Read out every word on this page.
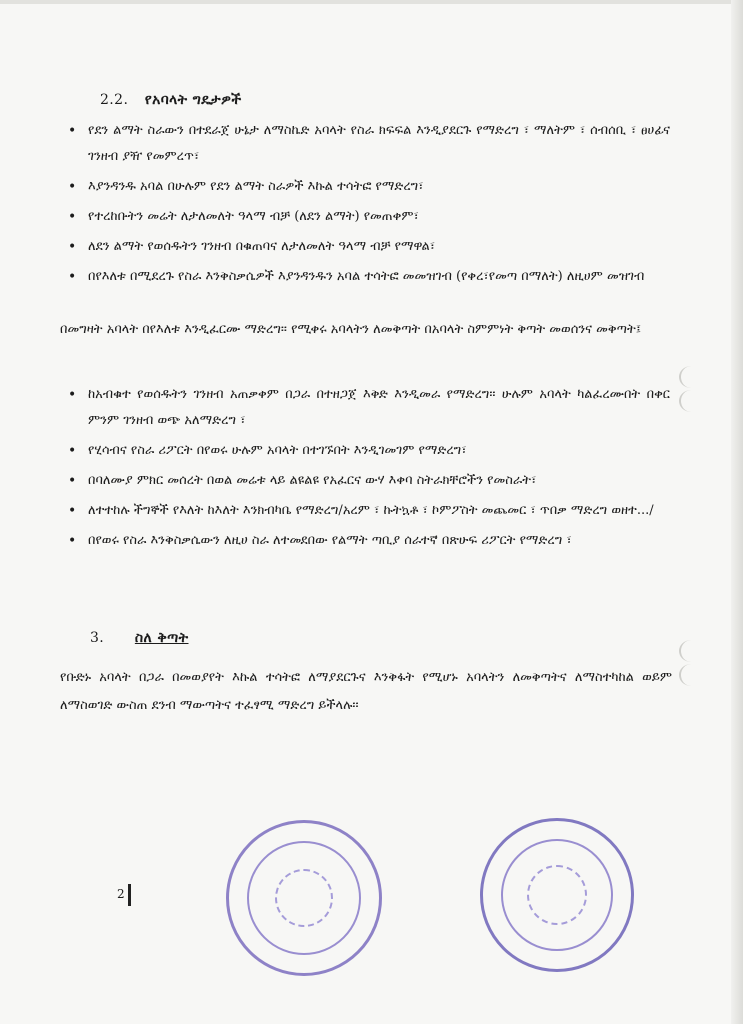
2.2. የአባላት ግዴታዎች
• የደን ልማት ስራውን በተደራጀ ሁኔታ ለማስኬድ አባላት የስራ ክፍፍል እንዲያደርጉ የማድረግ ፣ ማለትም ፣ ሰብሰቢ ፣ ፀሀፊና ገንዘብ ያዥ የመምረጥ፣
• እያንዳንዱ አባል በሁሉም የደን ልማት ስራዎች እኩል ተሳትፎ የማድረግ፣
• የተረከቡትን መሬት ለታለመለት ዓላማ ብቻ (ለደን ልማት) የመጠቀም፣
• ለደን ልማት የወሰዱትን ገንዘብ በቁጠባና ለታለመለት ዓላማ ብቻ የማዋል፣
• በየእለቱ በሚደረጉ የስራ እንቅስቃሴዎች እያንዳንዱን አባል ተሳትፎ መመዝገብ (የቀረ፣የመጣ በማለት) ለዚሀም መዝገብ

በመግዛት አባላት በየእለቱ እንዲፈርሙ ማድረግ፡፡ የሚቀሩ አባላትን ለመቅጣት በአባላት ስምምነት ቅጣት መወሰንና መቅጣት፤

• ከአብቁተ የወሰዱትን ገንዘብ አጠቃቀም በጋራ በተዘጋጀ እቅድ እንዲመራ የማድረግ፡፡ ሁሉም አባላት ካልፈረሙበት በቀር ምንም ገንዘብ ወጭ አለማድረግ ፣
• የሂሳብና የስራ ሪፖርት በየወሩ ሁሉም አባላት በተገኙበት እንዲገመገም የማድረግ፣
• በባለሙያ ምክር መሰረት በወል መሬቱ ላይ ልዩልዩ የአፈርና ውሃ እቀባ ስትራክቸሮችን የመስራት፣
• ለተተከሉ ችግኞች የእለት ከእለት እንክብካቤ የማድረግ/አረም ፣ ኩትኳቶ ፣ ኮምፖስት መጨመር ፣ ጥበቃ ማድረግ ወዘተ.../
• በየወሩ የስራ እንቅስቃሴውን ለዚሀ ስራ ለተመደበው የልማት ጣቢያ ሰራተኛ በጽሁፍ ሪፖርት የማድረግ ፣
3. ስለ ቅጣት

የቡድኑ አባላት በጋራ በመወያየት እኩል ተሳትፎ ለማያደርጉና እንቅፋት የሚሆኑ አባላትን ለመቅጣትና ለማስተካከል ወይም ለማስወገድ ውስጠ ደንብ ማውጣትና ተፈፃሚ ማድረግ ይችላሉ፡፡

2
